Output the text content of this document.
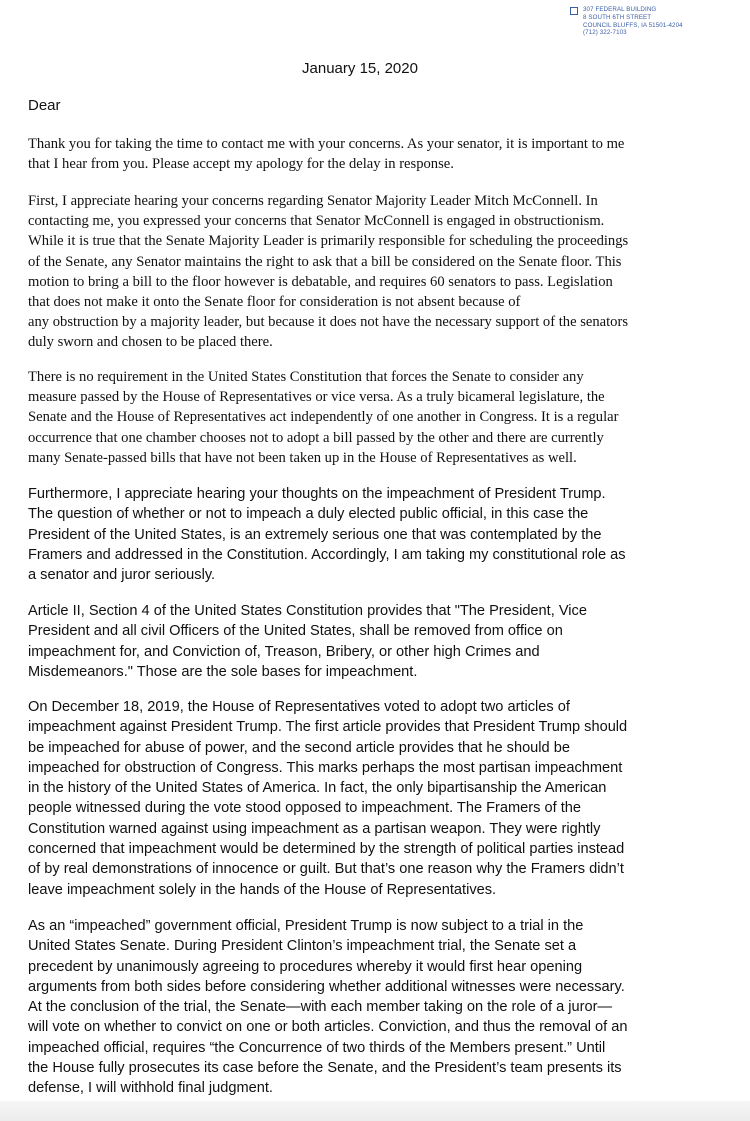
307 FEDERAL BUILDING
8 SOUTH 6TH STREET
COUNCIL BLUFFS, IA 51501-4204
(712) 322-7103
January 15, 2020
Dear
Thank you for taking the time to contact me with your concerns. As your senator, it is important to me
that I hear from you. Please accept my apology for the delay in response.
First, I appreciate hearing your concerns regarding Senator Majority Leader Mitch McConnell. In
contacting me, you expressed your concerns that Senator McConnell is engaged in obstructionism.
While it is true that the Senate Majority Leader is primarily responsible for scheduling the proceedings
of the Senate, any Senator maintains the right to ask that a bill be considered on the Senate floor. This
motion to bring a bill to the floor however is debatable, and requires 60 senators to pass. Legislation
that does not make it onto the Senate floor for consideration is not absent because of
any obstruction by a majority leader, but because it does not have the necessary support of the senators
duly sworn and chosen to be placed there.
There is no requirement in the United States Constitution that forces the Senate to consider any
measure passed by the House of Representatives or vice versa. As a truly bicameral legislature, the
Senate and the House of Representatives act independently of one another in Congress. It is a regular
occurrence that one chamber chooses not to adopt a bill passed by the other and there are currently
many Senate-passed bills that have not been taken up in the House of Representatives as well.
Furthermore, I appreciate hearing your thoughts on the impeachment of President Trump.
The question of whether or not to impeach a duly elected public official, in this case the
President of the United States, is an extremely serious one that was contemplated by the
Framers and addressed in the Constitution. Accordingly, I am taking my constitutional role as
a senator and juror seriously.
Article II, Section 4 of the United States Constitution provides that "The President, Vice
President and all civil Officers of the United States, shall be removed from office on
impeachment for, and Conviction of, Treason, Bribery, or other high Crimes and
Misdemeanors." Those are the sole bases for impeachment.
On December 18, 2019, the House of Representatives voted to adopt two articles of
impeachment against President Trump. The first article provides that President Trump should
be impeached for abuse of power, and the second article provides that he should be
impeached for obstruction of Congress. This marks perhaps the most partisan impeachment
in the history of the United States of America. In fact, the only bipartisanship the American
people witnessed during the vote stood opposed to impeachment. The Framers of the
Constitution warned against using impeachment as a partisan weapon. They were rightly
concerned that impeachment would be determined by the strength of political parties instead
of by real demonstrations of innocence or guilt. But that’s one reason why the Framers didn’t
leave impeachment solely in the hands of the House of Representatives.
As an “impeached” government official, President Trump is now subject to a trial in the
United States Senate. During President Clinton’s impeachment trial, the Senate set a
precedent by unanimously agreeing to procedures whereby it would first hear opening
arguments from both sides before considering whether additional witnesses were necessary.
At the conclusion of the trial, the Senate—with each member taking on the role of a juror—
will vote on whether to convict on one or both articles. Conviction, and thus the removal of an
impeached official, requires “the Concurrence of two thirds of the Members present.” Until
the House fully prosecutes its case before the Senate, and the President’s team presents its
defense, I will withhold final judgment.
